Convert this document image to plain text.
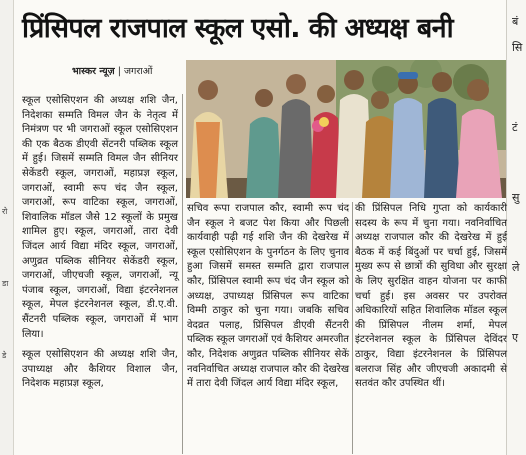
रो
डा
डे
बं
सि
टं
सु
ले
ए
प्रिंसिपल राजपाल स्कूल एसो. की अध्यक्ष बनी
भास्कर न्यूज़ | जगराओं

स्कूल एसोसिएशन की अध्यक्ष शशि जैन, निदेशका सम्मति विमल जैन के नेतृत्व में निमंत्रण पर भी जगराओं स्कूल एसोसिएशन की एक बैठक डीएवी सेंटनरी पब्लिक स्कूल में हुई। जिसमें सम्मति विमल जैन सीनियर सेकेंडरी स्कूल, जगराओं, महाप्रज्ञ स्कूल, जगराओं, स्वामी रूप चंद जैन स्कूल, जगराओं, रूप वाटिका स्कूल, जगराओं, शिवालिक मॉडल जैसे 12 स्कूलों के प्रमुख शामिल हुए। स्कूल, जगराओं, तारा देवी जिंदल आर्य विद्या मंदिर स्कूल, जगराओं, अणुव्रत पब्लिक सीनियर सेकेंडरी स्कूल, जगराओं, जीएचजी स्कूल, जगराओं, न्यू पंजाब स्कूल, जगराओं, विद्या इंटरनेशनल स्कूल, मेपल इंटरनेशनल स्कूल, डी.ए.वी. सैंटनरी पब्लिक स्कूल, जगराओं में भाग लिया।

स्कूल एसोसिएशन की अध्यक्ष शशि जैन, उपाध्यक्ष और कैशियर विशाल जैन, निदेशक महाप्रज्ञ स्कूल,

सचिव रूपा राजपाल कौर, स्वामी रूप चंद जैन स्कूल ने बजट पेश किया और पिछली कार्यवाही पढ़ी गई शशि जैन की देखरेख में स्कूल एसोसिएशन के पुनर्गठन के लिए चुनाव हुआ जिसमें समस्त सम्मति द्वारा राजपाल कौर, प्रिंसिपल स्वामी रूप चंद जैन स्कूल को अध्यक्ष, उपाध्यक्ष प्रिंसिपल रूप वाटिका विम्मी ठाकुर को चुना गया। जबकि सचिव वेदव्रत पलाह, प्रिंसिपल डीएवी सैंटनरी पब्लिक स्कूल जगराओं एवं कैशियर अमरजीत कौर, निदेशक अणुव्रत पब्लिक सीनियर सेकें नवनिर्वाचित अध्यक्ष राजपाल कौर की देखरेख में तारा देवी जिंदल आर्य विद्या मंदिर स्कूल,

की प्रिंसिपल निधि गुप्ता को कार्यकारी सदस्य के रूप में चुना गया। नवनिर्वाचित अध्यक्ष राजपाल कौर की देखरेख में हुई बैठक में कई बिंदुओं पर चर्चा हुई, जिसमें मुख्य रूप से छात्रों की सुविधा और सुरक्षा के लिए सुरक्षित वाहन योजना पर काफी चर्चा हुई। इस अवसर पर उपरोक्त अधिकारियों सहित शिवालिक मॉडल स्कूल की प्रिंसिपल नीलम शर्मा, मेपल इंटरनेशनल स्कूल के प्रिंसिपल देविंदर ठाकुर, विद्या इंटरनेशनल के प्रिंसिपल बलराज सिंह और जीएचजी अकादमी से सतवंत कौर उपस्थित थीं।
